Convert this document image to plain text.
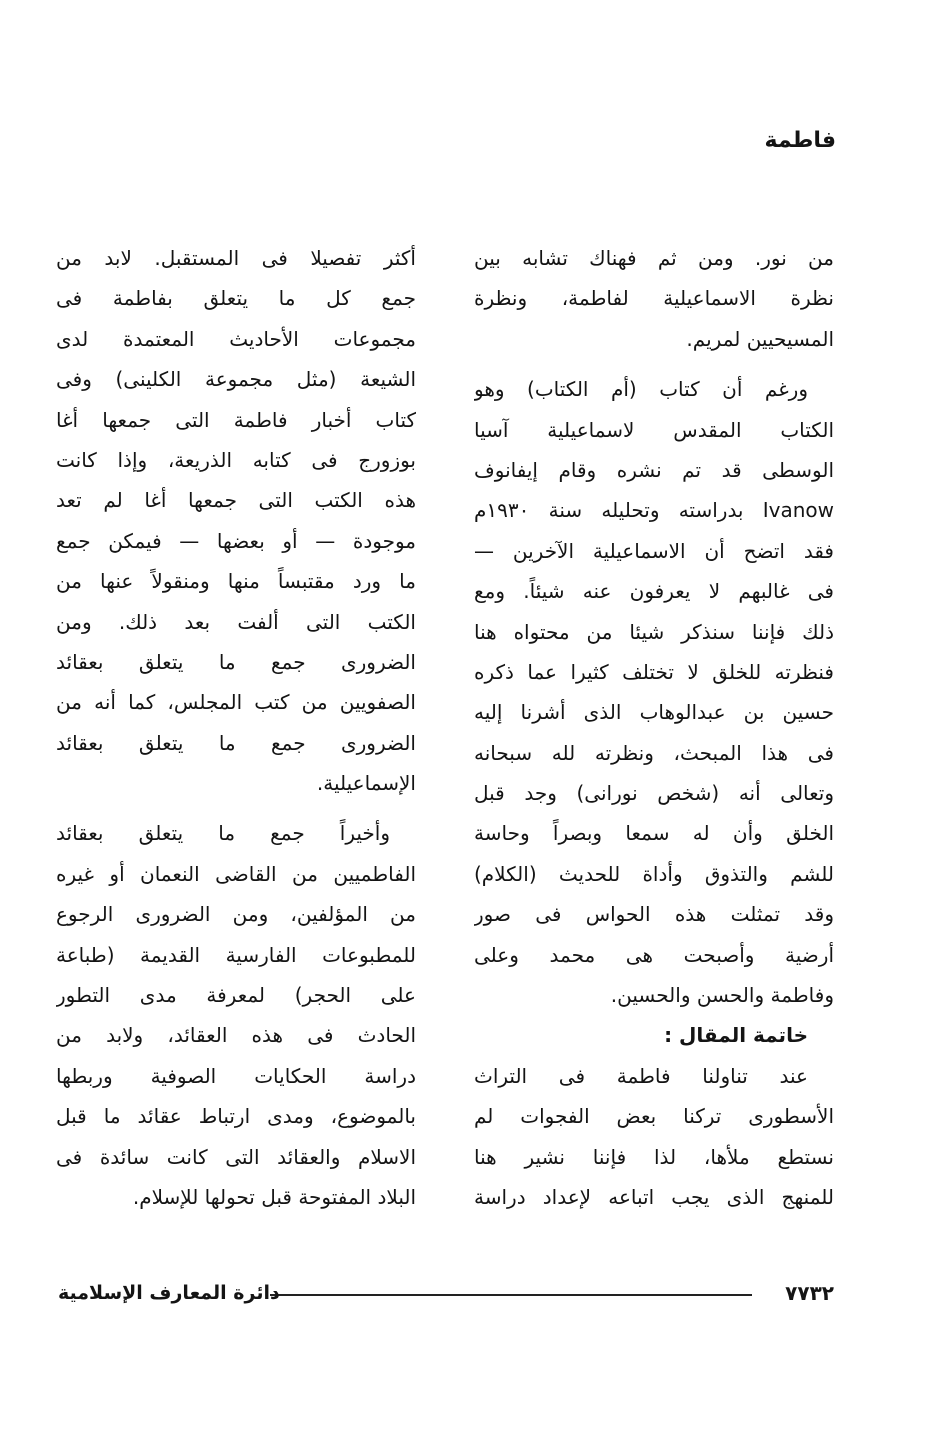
فاطمة
من نور. ومن ثم فهناك تشابه بين
نظرة الاسماعيلية لفاطمة، ونظرة
المسيحيين لمريم.
ورغم أن كتاب (أم الكتاب) وهو
الكتاب المقدس لاسماعيلية آسيا
الوسطى قد تم نشره وقام إيفانوف
Ivanow بدراسته وتحليله سنة ١٩٣٠م
فقد اتضح أن الاسماعيلية الآخرين —
فى غالبهم لا يعرفون عنه شيئاً. ومع
ذلك فإننا سنذكر شيئا من محتواه هنا
فنظرته للخلق لا تختلف كثيرا عما ذكره
حسين بن عبدالوهاب الذى أشرنا إليه
فى هذا المبحث، ونظرته لله سبحانه
وتعالى أنه (شخص نورانى) وجد قبل
الخلق وأن له سمعا وبصراً وحاسة
للشم والتذوق وأداة للحديث (الكلام)
وقد تمثلت هذه الحواس فى صور
أرضية وأصبحت هى محمد وعلى
وفاطمة والحسن والحسين.
خاتمة المقال :
عند تناولنا فاطمة فى التراث
الأسطورى تركنا بعض الفجوات لم
نستطع ملأها، لذا فإننا نشير هنا
للمنهج الذى يجب اتباعه لإعداد دراسة
أكثر تفصيلا فى المستقبل. لابد من
جمع كل ما يتعلق بفاطمة فى
مجموعات الأحاديث المعتمدة لدى
الشيعة (مثل مجموعة الكلينى) وفى
كتاب أخبار فاطمة التى جمعها أغا
بوزورج فى كتابه الذريعة، وإذا كانت
هذه الكتب التى جمعها أغا لم تعد
موجودة — أو بعضها — فيمكن جمع
ما ورد مقتبساً منها ومنقولاً عنها من
الكتب التى ألفت بعد ذلك. ومن
الضرورى جمع ما يتعلق بعقائد
الصفويين من كتب المجلس، كما أنه من
الضرورى جمع ما يتعلق بعقائد
الإسماعيلية.
وأخيراً جمع ما يتعلق بعقائد
الفاطميين من القاضى النعمان أو غيره
من المؤلفين، ومن الضرورى الرجوع
للمطبوعات الفارسية القديمة (طباعة
على الحجر) لمعرفة مدى التطور
الحادث فى هذه العقائد، ولابد من
دراسة الحكايات الصوفية وربطها
بالموضوع، ومدى ارتباط عقائد ما قبل
الاسلام والعقائد التى كانت سائدة فى
البلاد المفتوحة قبل تحولها للإسلام.
٧٧٣٢
دائرة المعارف الإسلامية
